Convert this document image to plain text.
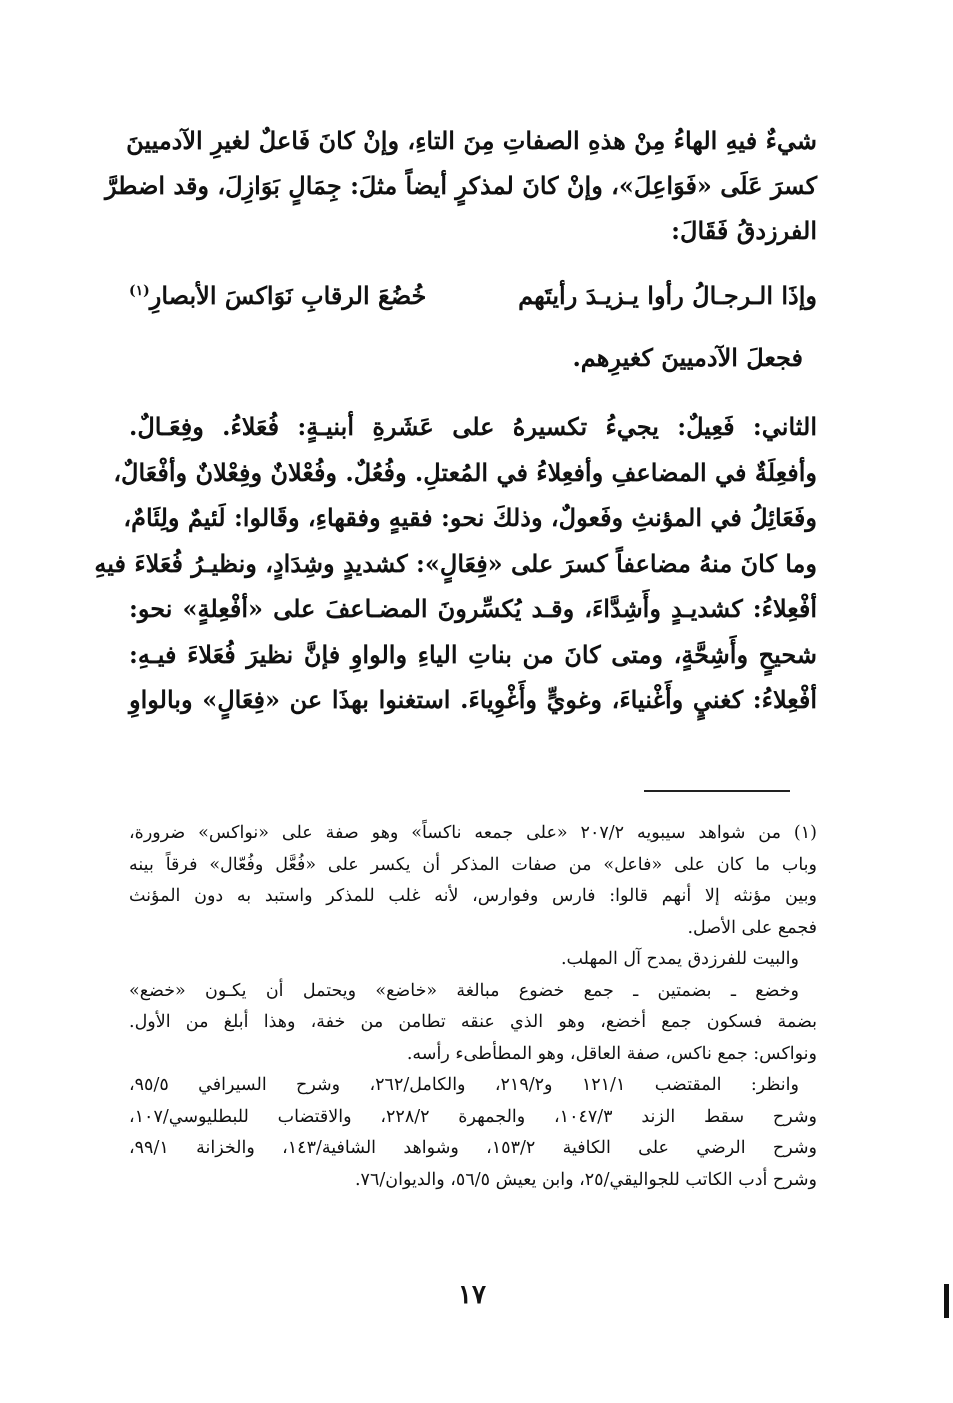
شيءٌ فيهِ الهاءُ مِنْ هذهِ الصفاتِ مِنَ التاءِ، وإنْ كانَ فَاعلٌ لغيرِ الآدميينَ
كسرَ عَلَى «فَوَاعِلَ»، وإنْ كانَ لمذكرٍ أيضاً مثلَ: جِمَالٍ بَوَازِلَ، وقد اضطرَّ
الفرزدقُ فَقَالَ:
وإذَا الـرجـالُ رأوا يـزيـدَ رأيتَهم
خُضُعَ الرقابِ نَوَاكسَ الأبصارِ$^{(١)}$
فجعلَ الآدميينَ كغيرِهم.
الثاني: فَعِيلٌ: يجيءُ تكسيرهُ على عَشَرةِ أبنيـةٍ: فُعَلاءُ. وفِعَـالٌ.
وأفعِلَةٌ في المضاعفِ وأفعِلاءُ في المُعتلِ. وفُعُلٌ. وفُعْلانٌ وفِعْلانٌ وأفْعَالٌ،
وفَعَائِلُ في المؤنثِ وفَعولٌ، وذلكَ نحو: فقيهٍ وفقهاءِ، وقَالوا: لَئيمٌ ولِئَامٌ،
وما كانَ منهُ مضاعفاً كسرَ على «فِعَالٍ»: كشديدٍ وشِدَادٍ، ونظيـرُ فُعَلاءَ فيهِ
أفْعِلاءُ: كشديـدٍ وأَشِدَّاءَ، وقـد يُكسِّرونَ المضـاعفَ على «أفْعِلةٍ» نحو:
شحيحٍ وأَشِحَّةٍ، ومتى كانَ من بناتِ الياءِ والواوِ فإنَّ نظيرَ فُعَلاءَ فيـهِ:
أفْعِلاءُ: كغنيٍ وأَغْنياءَ، وغويٍّ وأَغْوِياءَ. استغنوا بهذَا عن «فِعَالٍ» وبالواوِ
(١) من شواهد سيبويه ٢٠٧/٢ «على جمعه ناكساً» وهو صفة على «نواكس» ضرورة،
وباب ما كان على «فاعل» من صفات المذكر أن يكسر على «فُعَّل وفُعّال» فرقاً بينه
وبين مؤنثه إلا أنهم قالوا: فارس وفوارس، لأنه غلب للمذكر واستبد به دون المؤنث
فجمع على الأصل.
والبيت للفرزدق يمدح آل المهلب.
وخضع ـ بضمتين ـ جمع خضوع مبالغة «خاضع» ويحتمل أن يكـون «خضع»
بضمة فسكون جمع أخضع، وهو الذي عنقه تطامن من خفة، وهذا أبلغ من الأول.
ونواكس: جمع ناكس، صفة العاقل، وهو المطأطىء رأسه.
وانظر: المقتضب ١٢١/١ و٢١٩/٢، والكامل/٢٦٢، وشرح السيرافي ٩٥/٥،
وشرح سقط الزند ١٠٤٧/٣، والجمهرة ٢٢٨/٢، والاقتضاب للبطليوسي/١٠٧،
وشرح الرضي على الكافية ١٥٣/٢، وشواهد الشافية/١٤٣، والخزانة ٩٩/١،
وشرح أدب الكاتب للجواليقي/٢٥، وابن يعيش ٥٦/٥، والديوان/٧٦.
١٧
